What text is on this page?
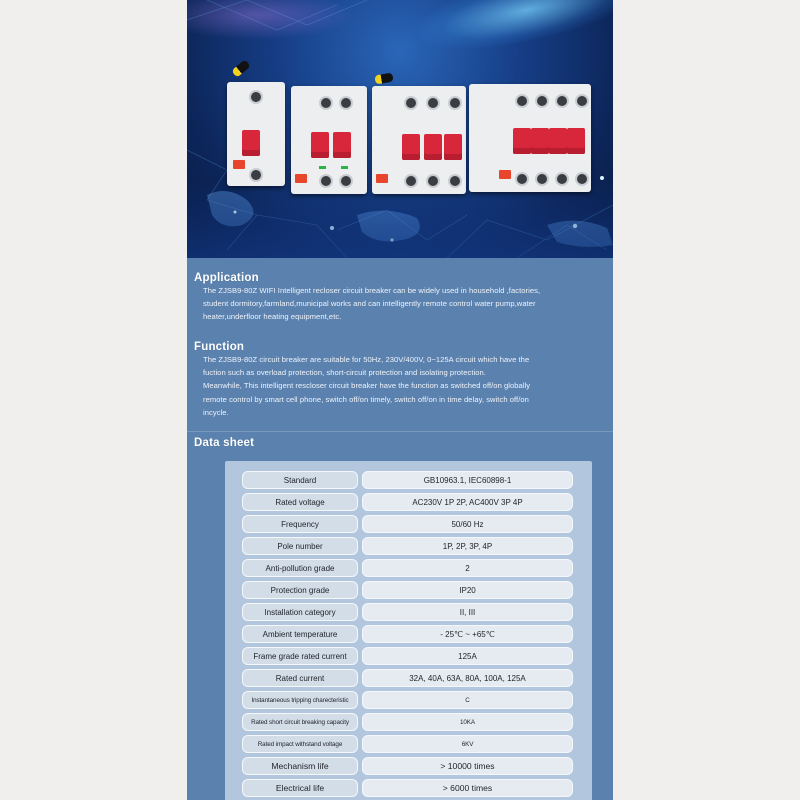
Application

The ZJSB9-80Z WIFI Intelligent recloser circuit breaker can be widely used in household ,factories,
student dormitory,farmland,municipal works and can intelligently remote control water pump,water
heater,underfloor heating equipment,etc.

Function

The ZJSB9-80Z circuit breaker are suitable for 50Hz, 230V/400V, 0~125A circuit which have the
fuction such as overload protection, short-circuit protection and isolating protection.
Meanwhile, This intelligent rescloser circuit breaker have the function as switched off/on globally
remote control by smart cell phone, switch off/on timely, switch off/on in time delay, switch off/on
incycle.

Data sheet
Standard	GB10963.1, IEC60898-1
Rated voltage	AC230V 1P 2P, AC400V 3P 4P
Frequency	50/60 Hz
Pole number	1P, 2P, 3P, 4P
Anti-pollution grade	2
Protection grade	IP20
Installation category	II, III
Ambient temperature	- 25℃ ~ +65℃
Frame grade rated current	125A
Rated current	32A, 40A, 63A, 80A, 100A, 125A
Instantaneous tripping charecteristic	C
Rated short circuit breaking capacity	10KA
Rated impact withstand voltage	6KV
Mechanism life	> 10000 times
Electrical life	> 6000 times
